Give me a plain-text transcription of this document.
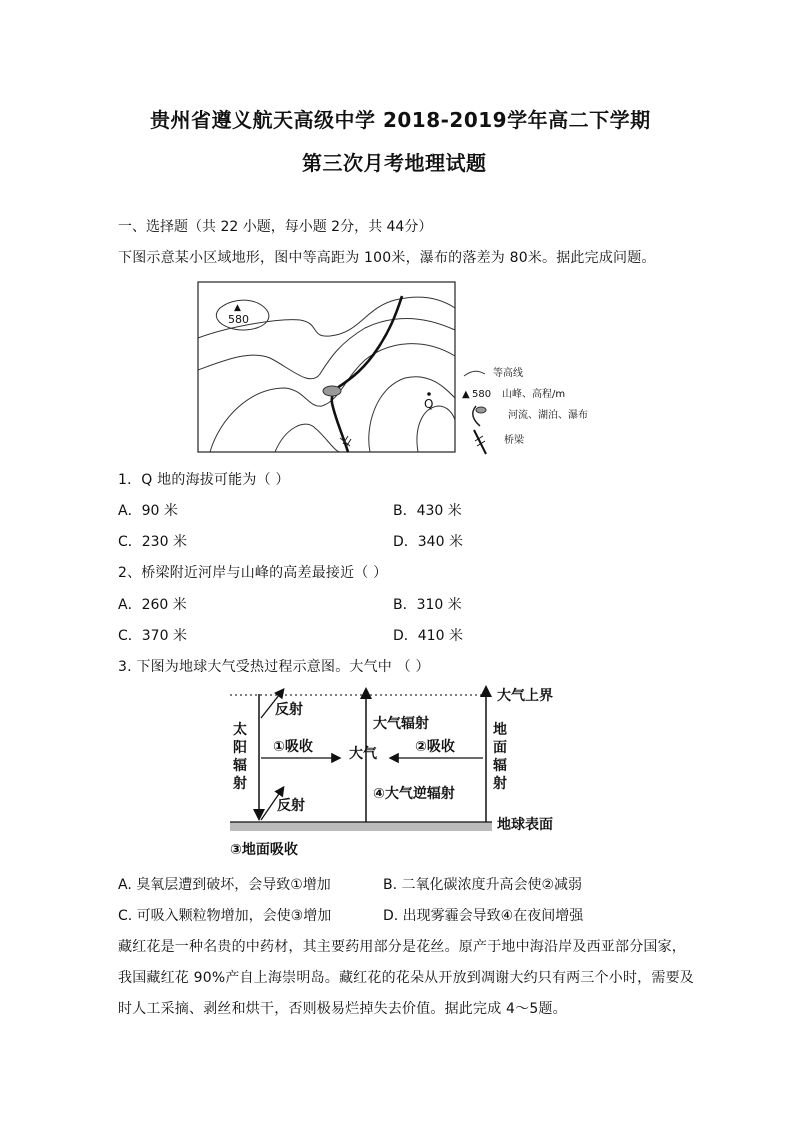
贵州省遵义航天高级中学 2018-2019学年高二下学期
第三次月考地理试题
一、选择题（共 22 小题，每小题 2分，共 44分）
下图示意某小区域地形，图中等高距为 100米，瀑布的落差为 80米。据此完成问题。
▲
580
Q
等高线
▲ 580 山峰、高程/m
河流、湖泊、瀑布
桥梁
1．Q 地的海拔可能为（ ）
A．90 米	B．430 米
C．230 米	D．340 米
2、桥梁附近河岸与山峰的高差最接近（ ）
A．260 米	B．310 米
C．370 米	D．410 米
3. 下图为地球大气受热过程示意图。大气中 （ ）
大气上界
地球表面
③地面吸收
太
阳
辐
射
反射
反射
①吸收
大气辐射
大气
④大气逆辐射
②吸收
地
面
辐
射
A. 臭氧层遭到破坏，会导致①增加	B. 二氧化碳浓度升高会使②减弱
C. 可吸入颗粒物增加，会使③增加	D. 出现雾霾会导致④在夜间增强
藏红花是一种名贵的中药材，其主要药用部分是花丝。原产于地中海沿岸及西亚部分国家，
我国藏红花 90%产自上海崇明岛。藏红花的花朵从开放到凋谢大约只有两三个小时，需要及
时人工采摘、剥丝和烘干，否则极易烂掉失去价值。据此完成 4～5题。
